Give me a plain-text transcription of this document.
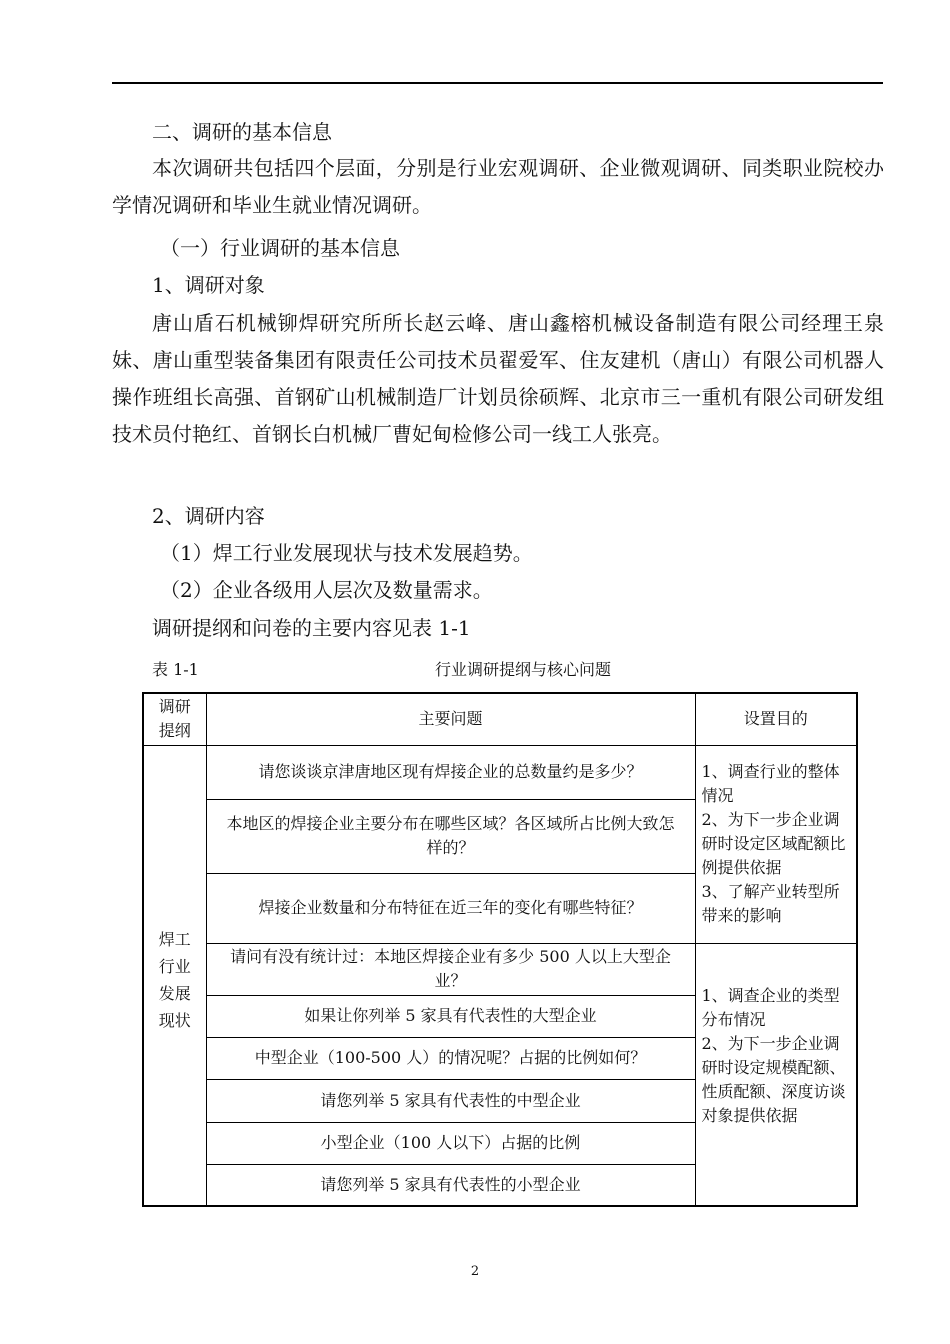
二、调研的基本信息

本次调研共包括四个层面，分别是行业宏观调研、企业微观调研、同类职业院校办学情况调研和毕业生就业情况调研。

（一）行业调研的基本信息
1、调研对象

唐山盾石机械铆焊研究所所长赵云峰、唐山鑫榕机械设备制造有限公司经理王泉妹、唐山重型装备集团有限责任公司技术员翟爱军、住友建机（唐山）有限公司机器人操作班组长高强、首钢矿山机械制造厂计划员徐硕辉、北京市三一重机有限公司研发组技术员付艳红、首钢长白机械厂曹妃甸检修公司一线工人张亮。

2、调研内容
（1）焊工行业发展现状与技术发展趋势。
（2）企业各级用人层次及数量需求。
调研提纲和问卷的主要内容见表 1-1
表 1-1	行业调研提纲与核心问题
调研提纲	主要问题	设置目的

焊工行业发展现状	请您谈谈京津唐地区现有焊接企业的总数量约是多少？	1、调查行业的整体情况
2、为下一步企业调研时设定区域配额比例提供依据
3、了解产业转型所带来的影响
	本地区的焊接企业主要分布在哪些区域？各区域所占比例大致怎样的？	
	焊接企业数量和分布特征在近三年的变化有哪些特征？	
	请问有没有统计过：本地区焊接企业有多少 500 人以上大型企业？	1、调查企业的类型分布情况
2、为下一步企业调研时设定规模配额、性质配额、深度访谈对象提供依据
	如果让你列举 5 家具有代表性的大型企业	
	中型企业（100-500 人）的情况呢？占据的比例如何？	
	请您列举 5 家具有代表性的中型企业	
	小型企业（100 人以下）占据的比例	
	请您列举 5 家具有代表性的小型企业	
2
